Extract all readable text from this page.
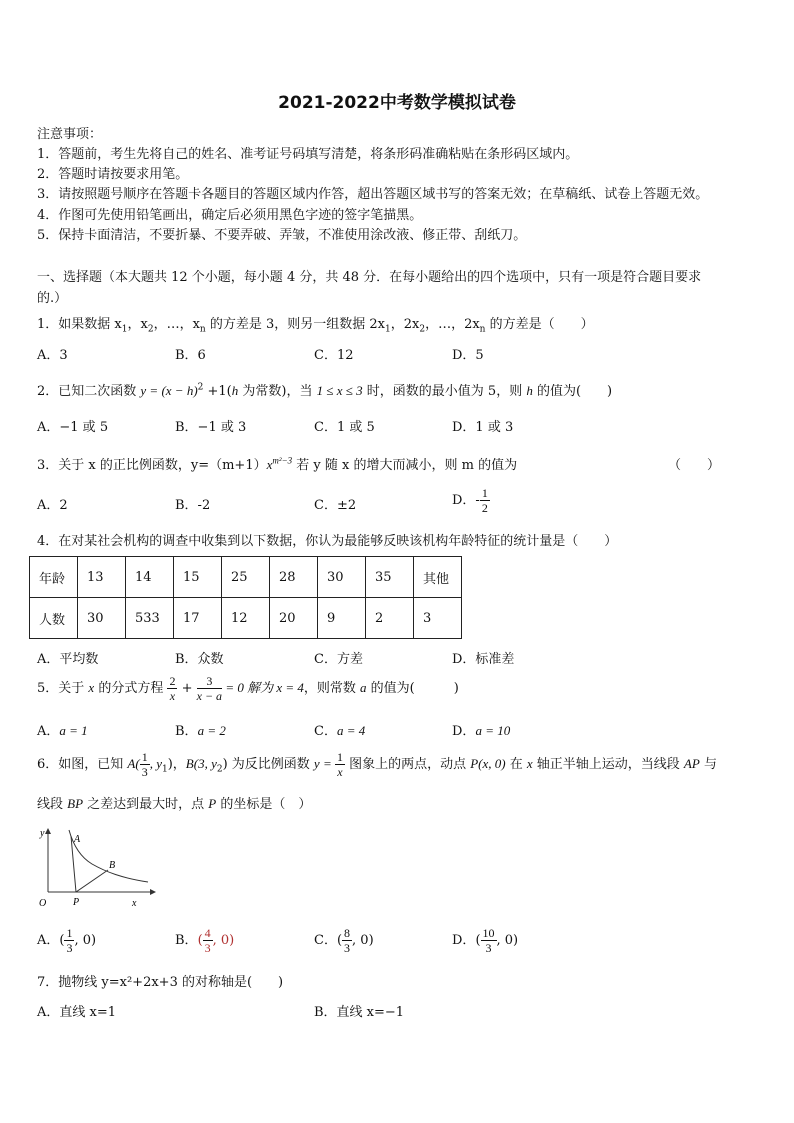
2021-2022中考数学模拟试卷
注意事项：
1．答题前，考生先将自己的姓名、准考证号码填写清楚，将条形码准确粘贴在条形码区域内。
2．答题时请按要求用笔。
3．请按照题号顺序在答题卡各题目的答题区域内作答，超出答题区域书写的答案无效；在草稿纸、试卷上答题无效。
4．作图可先使用铅笔画出，确定后必须用黑色字迹的签字笔描黑。
5．保持卡面清洁，不要折暴、不要弄破、弄皱，不准使用涂改液、修正带、刮纸刀。
一、选择题（本大题共 12 个小题，每小题 4 分，共 48 分．在每小题给出的四个选项中，只有一项是符合题目要求
的.）
1．如果数据 $x_1$，$x_2$，…，$x_n$ 的方差是 3，则另一组数据 $2x_1$，$2x_2$，…，$2x_n$ 的方差是（　　）
A．3	B．6	C．12	D．5
2．已知二次函数 $y = (x - h)^2 +1(h$ 为常数)，当 1 ≤ x ≤ 3 时，函数的最小值为 5，则 h 的值为(　　)
A．−1 或 5	B．−1 或 3	C．1 或 5	D．1 或 3
3．关于 x 的正比例函数，$y=(m+1)x^{m^2-3}$ 若 y 随 x 的增大而减小，则 m 的值为	（　　）
A．2	B．-2	C．±2	D．- $\frac{1}{2}$
4．在对某社会机构的调查中收集到以下数据，你认为最能够反映该机构年龄特征的统计量是（　　）
年龄	13	14	15	25	28	30	35	其他
人数	30	533	17	12	20	9	2	3
A．平均数	B．众数	C．方差	D．标准差
5．关于 x 的分式方程 $\frac{2}{x} + \frac{3}{x - a} = 0$ 解为 x = 4，则常数 a 的值为(　　　)
A．a = 1	B．a = 2	C．a = 4	D．a = 10
6．如图，已知 $A( \frac{1}{3}$ , $y_1$)，B(3, $y_2$) 为反比例函数 $y = \frac{1}{x}$ 图象上的两点，动点 P(x, 0) 在 x 轴正半轴上运动，当线段 AP 与
线段 BP 之差达到最大时，点 P 的坐标是（　）
y
A
B
O	P	x
A．( $\frac{1}{3}$ , 0)	B．( $\frac{4}{3}$ , 0)	C．( $\frac{8}{3}$ , 0)	D．( $\frac{10}{3}$ , 0)
7．抛物线 y=x²+2x+3 的对称轴是(　　)
A．直线 x=1	B．直线 x=−1
